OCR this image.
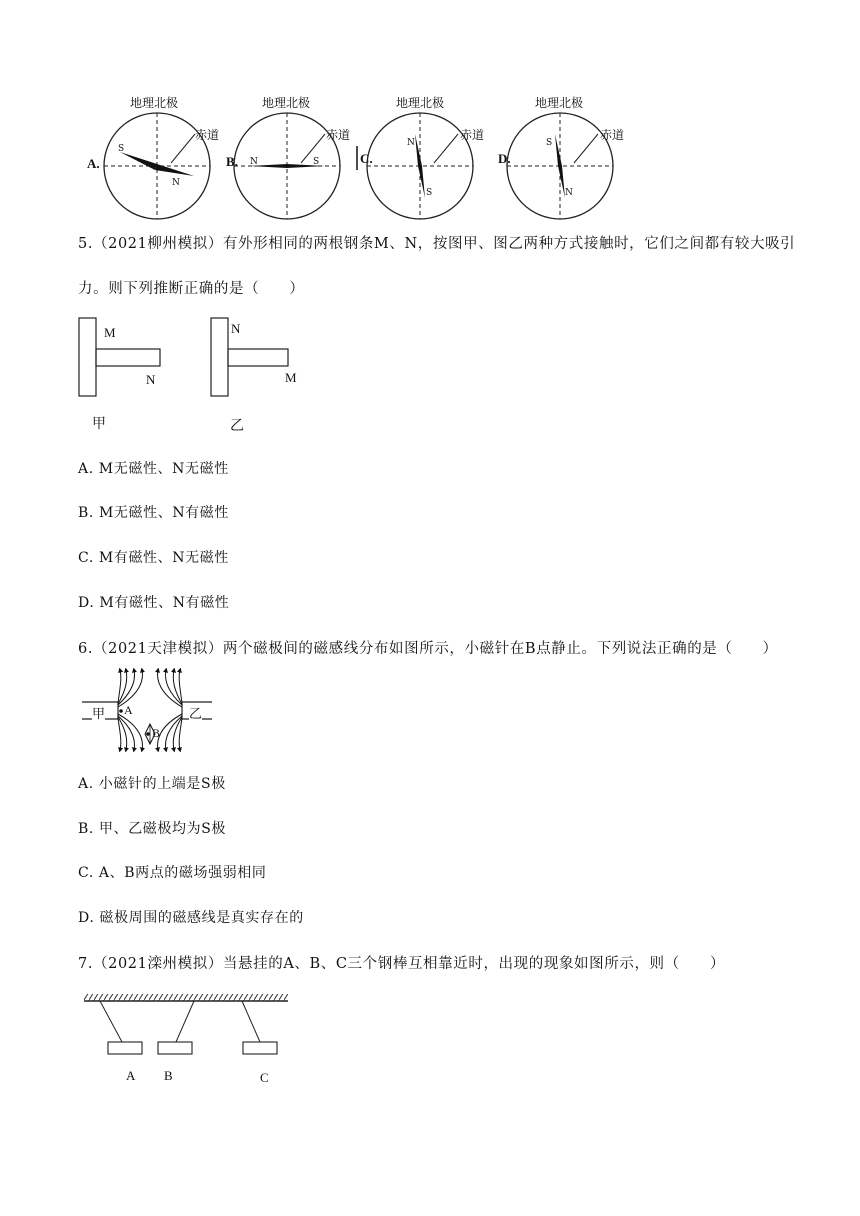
地理北极	地理北极	地理北极	地理北极
赤道	赤道	赤道	赤道
A.	B.	C.	D.
S
N
N	S
N
S
S
N
5.（2021柳州模拟）有外形相同的两根钢条M、N，按图甲、图乙两种方式接触时，它们之间都有较大吸引
力。则下列推断正确的是（　　）
M
N
N
M
甲	乙
A. M无磁性、N无磁性
B. M无磁性、N有磁性
C. M有磁性、N无磁性
D. M有磁性、N有磁性
6.（2021天津模拟）两个磁极间的磁感线分布如图所示，小磁针在B点静止。下列说法正确的是（　　）
甲	乙
A
B
A. 小磁针的上端是S极
B. 甲、乙磁极均为S极
C. A、B两点的磁场强弱相同
D. 磁极周围的磁感线是真实存在的
7.（2021滦州模拟）当悬挂的A、B、C三个钢棒互相靠近时，出现的现象如图所示，则（　　）
A B	C
